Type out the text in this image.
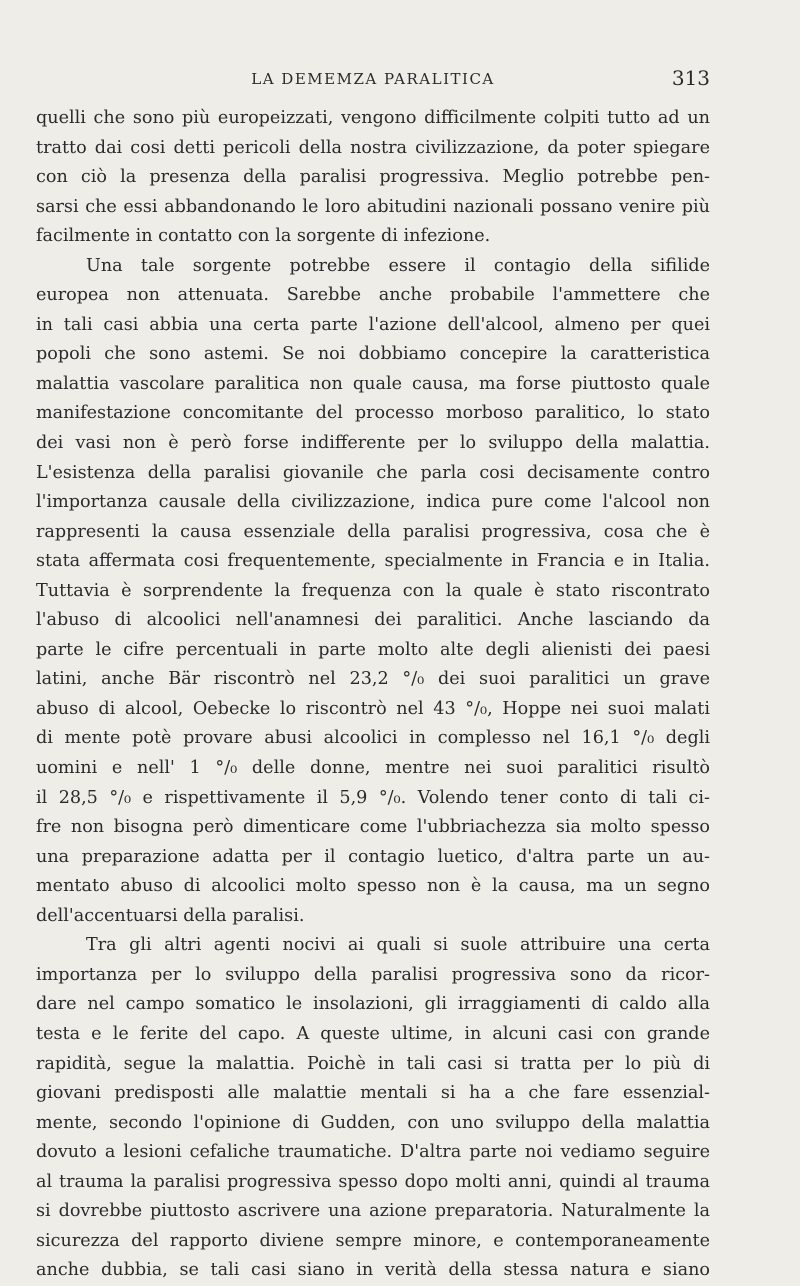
LA DEMEMZA PARALITICA	313
quelli che sono più europeizzati, vengono difficilmente colpiti tutto ad un
tratto dai cosi detti pericoli della nostra civilizzazione, da poter spiegare
con ciò la presenza della paralisi progressiva. Meglio potrebbe pen-
sarsi che essi abbandonando le loro abitudini nazionali possano venire più
facilmente in contatto con la sorgente di infezione.
Una tale sorgente potrebbe essere il contagio della sifilide
europea non attenuata. Sarebbe anche probabile l'ammettere che
in tali casi abbia una certa parte l'azione dell'alcool, almeno per quei
popoli che sono astemi. Se noi dobbiamo concepire la caratteristica
malattia vascolare paralitica non quale causa, ma forse piuttosto quale
manifestazione concomitante del processo morboso paralitico, lo stato
dei vasi non è però forse indifferente per lo sviluppo della malattia.
L'esistenza della paralisi giovanile che parla cosi decisamente contro
l'importanza causale della civilizzazione, indica pure come l'alcool non
rappresenti la causa essenziale della paralisi progressiva, cosa che è
stata affermata cosi frequentemente, specialmente in Francia e in Italia.
Tuttavia è sorprendente la frequenza con la quale è stato riscontrato
l'abuso di alcoolici nell'anamnesi dei paralitici. Anche lasciando da
parte le cifre percentuali in parte molto alte degli alienisti dei paesi
latini, anche Bär riscontrò nel 23,2 °/₀ dei suoi paralitici un grave
abuso di alcool, Oebecke lo riscontrò nel 43 °/₀, Hoppe nei suoi malati
di mente potè provare abusi alcoolici in complesso nel 16,1 °/₀ degli
uomini e nell' 1 °/₀ delle donne, mentre nei suoi paralitici risultò
il 28,5 °/₀ e rispettivamente il 5,9 °/₀. Volendo tener conto di tali ci-
fre non bisogna però dimenticare come l'ubbriachezza sia molto spesso
una preparazione adatta per il contagio luetico, d'altra parte un au-
mentato abuso di alcoolici molto spesso non è la causa, ma un segno
dell'accentuarsi della paralisi.
Tra gli altri agenti nocivi ai quali si suole attribuire una certa
importanza per lo sviluppo della paralisi progressiva sono da ricor-
dare nel campo somatico le insolazioni, gli irraggiamenti di caldo alla
testa e le ferite del capo. A queste ultime, in alcuni casi con grande
rapidità, segue la malattia. Poichè in tali casi si tratta per lo più di
giovani predisposti alle malattie mentali si ha a che fare essenzial-
mente, secondo l'opinione di Gudden, con uno sviluppo della malattia
dovuto a lesioni cefaliche traumatiche. D'altra parte noi vediamo seguire
al trauma la paralisi progressiva spesso dopo molti anni, quindi al trauma
si dovrebbe piuttosto ascrivere una azione preparatoria. Naturalmente la
sicurezza del rapporto diviene sempre minore, e contemporaneamente
anche dubbia, se tali casi siano in verità della stessa natura e siano
